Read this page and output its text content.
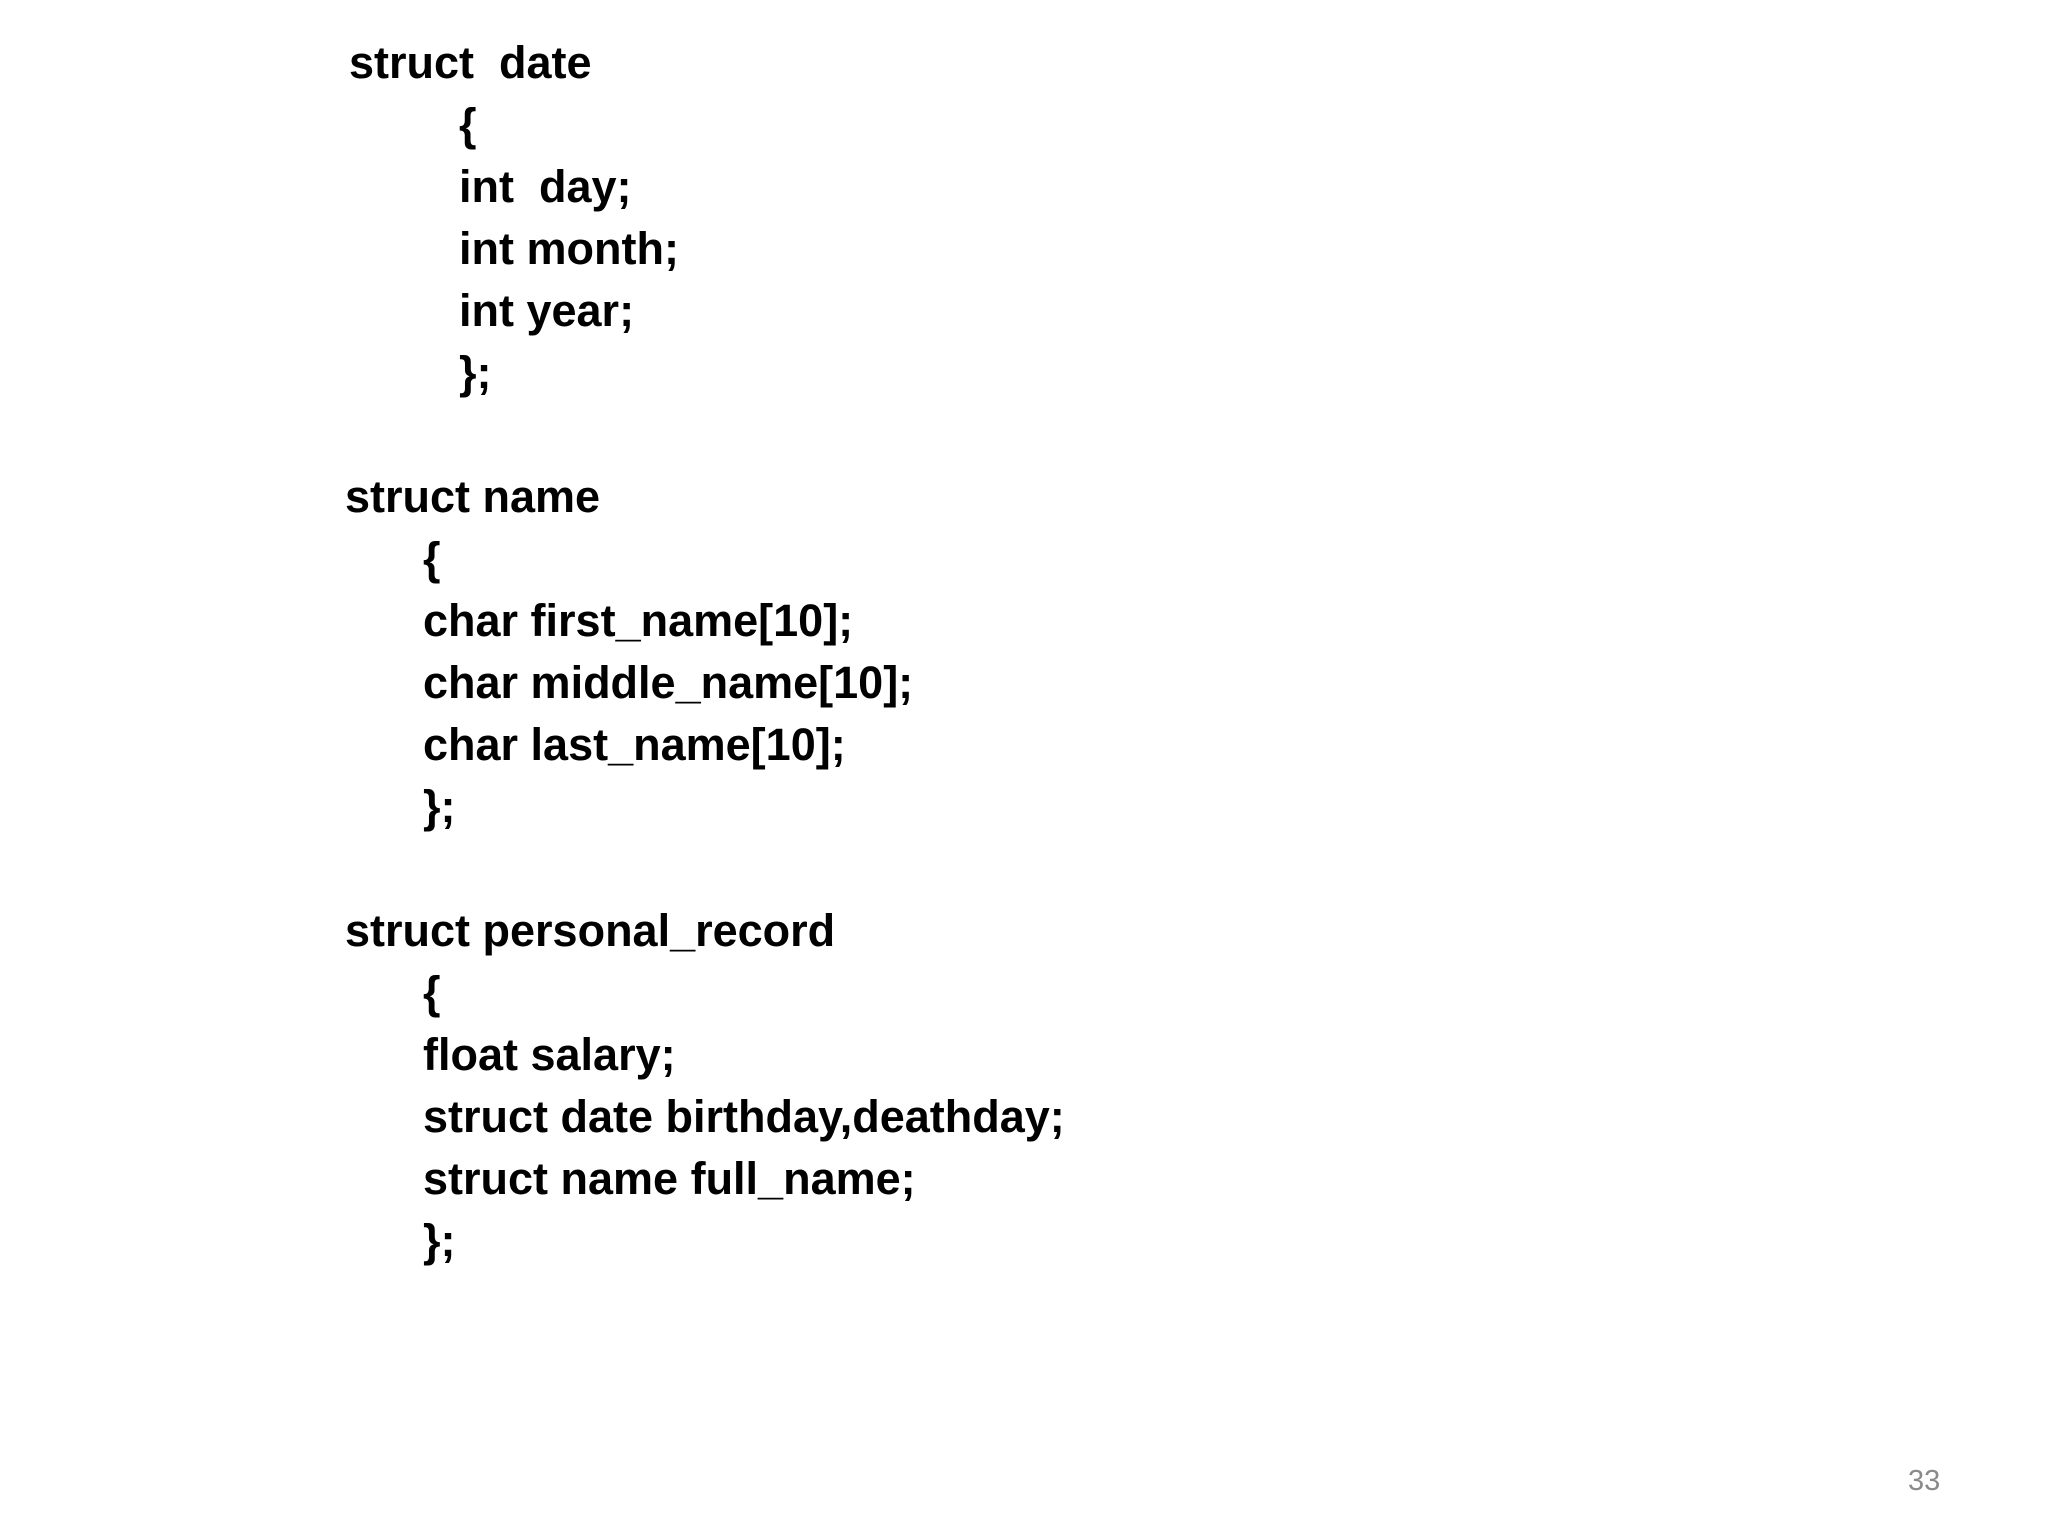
struct  date

{

int  day;

int month;

int year;

};

struct name

{

char first_name[10];

char middle_name[10];

char last_name[10];

};

struct personal_record

{

float salary;

struct date birthday,deathday;

struct name full_name;

};

33
